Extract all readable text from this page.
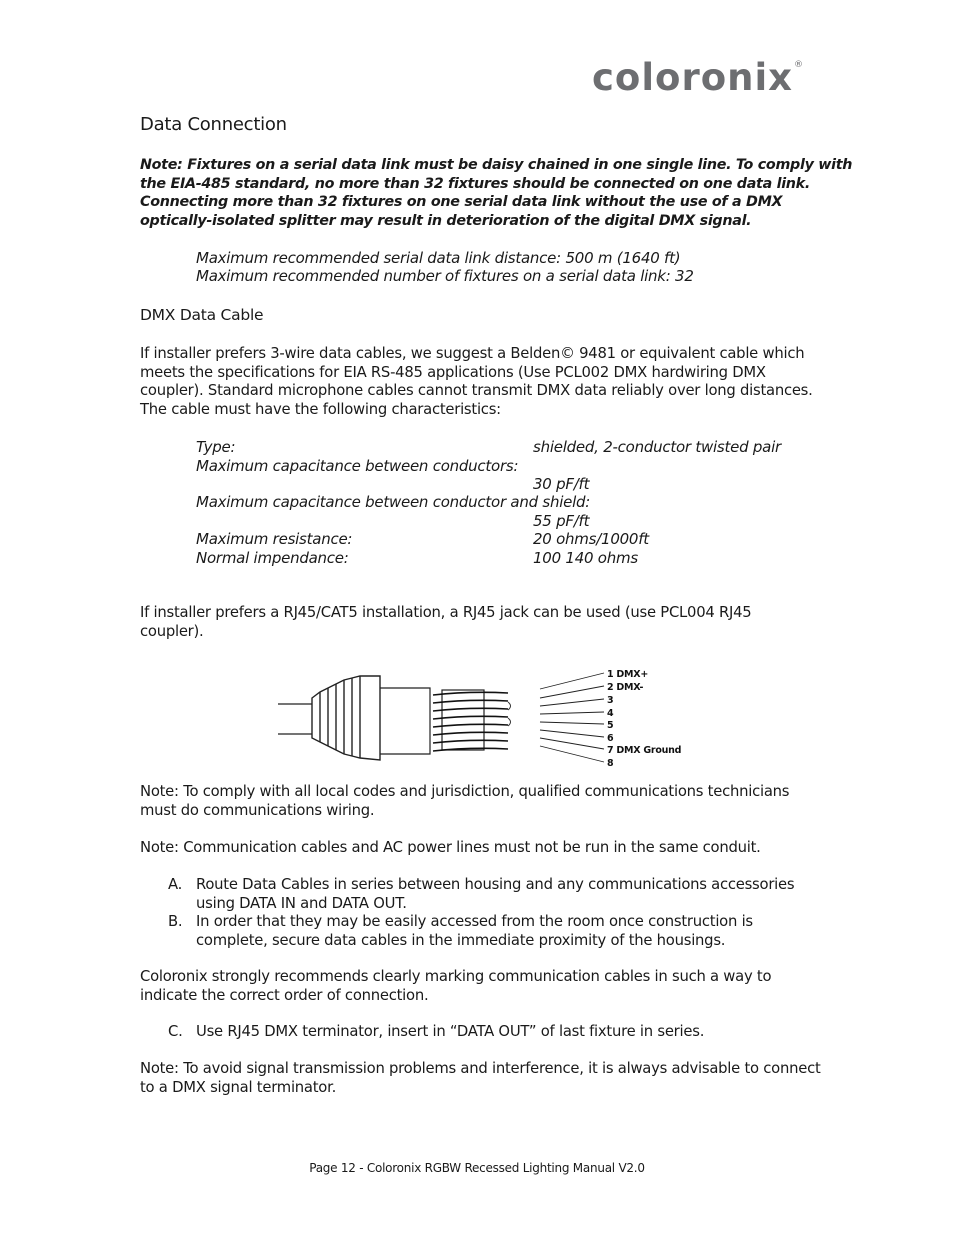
coloronix®
Data Connection
Note: Fixtures on a serial data link must be daisy chained in one single line. To comply with
the EIA-485 standard, no more than 32 fixtures should be connected on one data link.
Connecting more than 32 fixtures on one serial data link without the use of a DMX
optically-isolated splitter may result in deterioration of the digital DMX signal.
Maximum recommended serial data link distance: 500 m (1640 ft)
Maximum recommended number of fixtures on a serial data link: 32
DMX Data Cable
If installer prefers 3-wire data cables, we suggest a Belden© 9481 or equivalent cable which
meets the specifications for EIA RS-485 applications (Use PCL002 DMX hardwiring DMX
coupler). Standard microphone cables cannot transmit DMX data reliably over long distances.
The cable must have the following characteristics:
Type:	shielded, 2-conductor twisted pair
Maximum capacitance between conductors:
30 pF/ft
Maximum capacitance between conductor and shield:
55 pF/ft
Maximum resistance:	20 ohms/1000ft
Normal impendance:	100 140 ohms
If installer prefers a RJ45/CAT5 installation, a RJ45 jack can be used (use PCL004 RJ45
coupler).
1 DMX+
2 DMX-
3
4
5
6
7 DMX Ground
8
Note: To comply with all local codes and jurisdiction, qualified communications technicians
must do communications wiring.
Note: Communication cables and AC power lines must not be run in the same conduit.
A. Route Data Cables in series between housing and any communications accessories
using DATA IN and DATA OUT.
B. In order that they may be easily accessed from the room once construction is
complete, secure data cables in the immediate proximity of the housings.
Coloronix strongly recommends clearly marking communication cables in such a way to
indicate the correct order of connection.
C. Use RJ45 DMX terminator, insert in “DATA OUT” of last fixture in series.
Note: To avoid signal transmission problems and interference, it is always advisable to connect
to a DMX signal terminator.
Page 12 - Coloronix RGBW Recessed Lighting Manual V2.0
